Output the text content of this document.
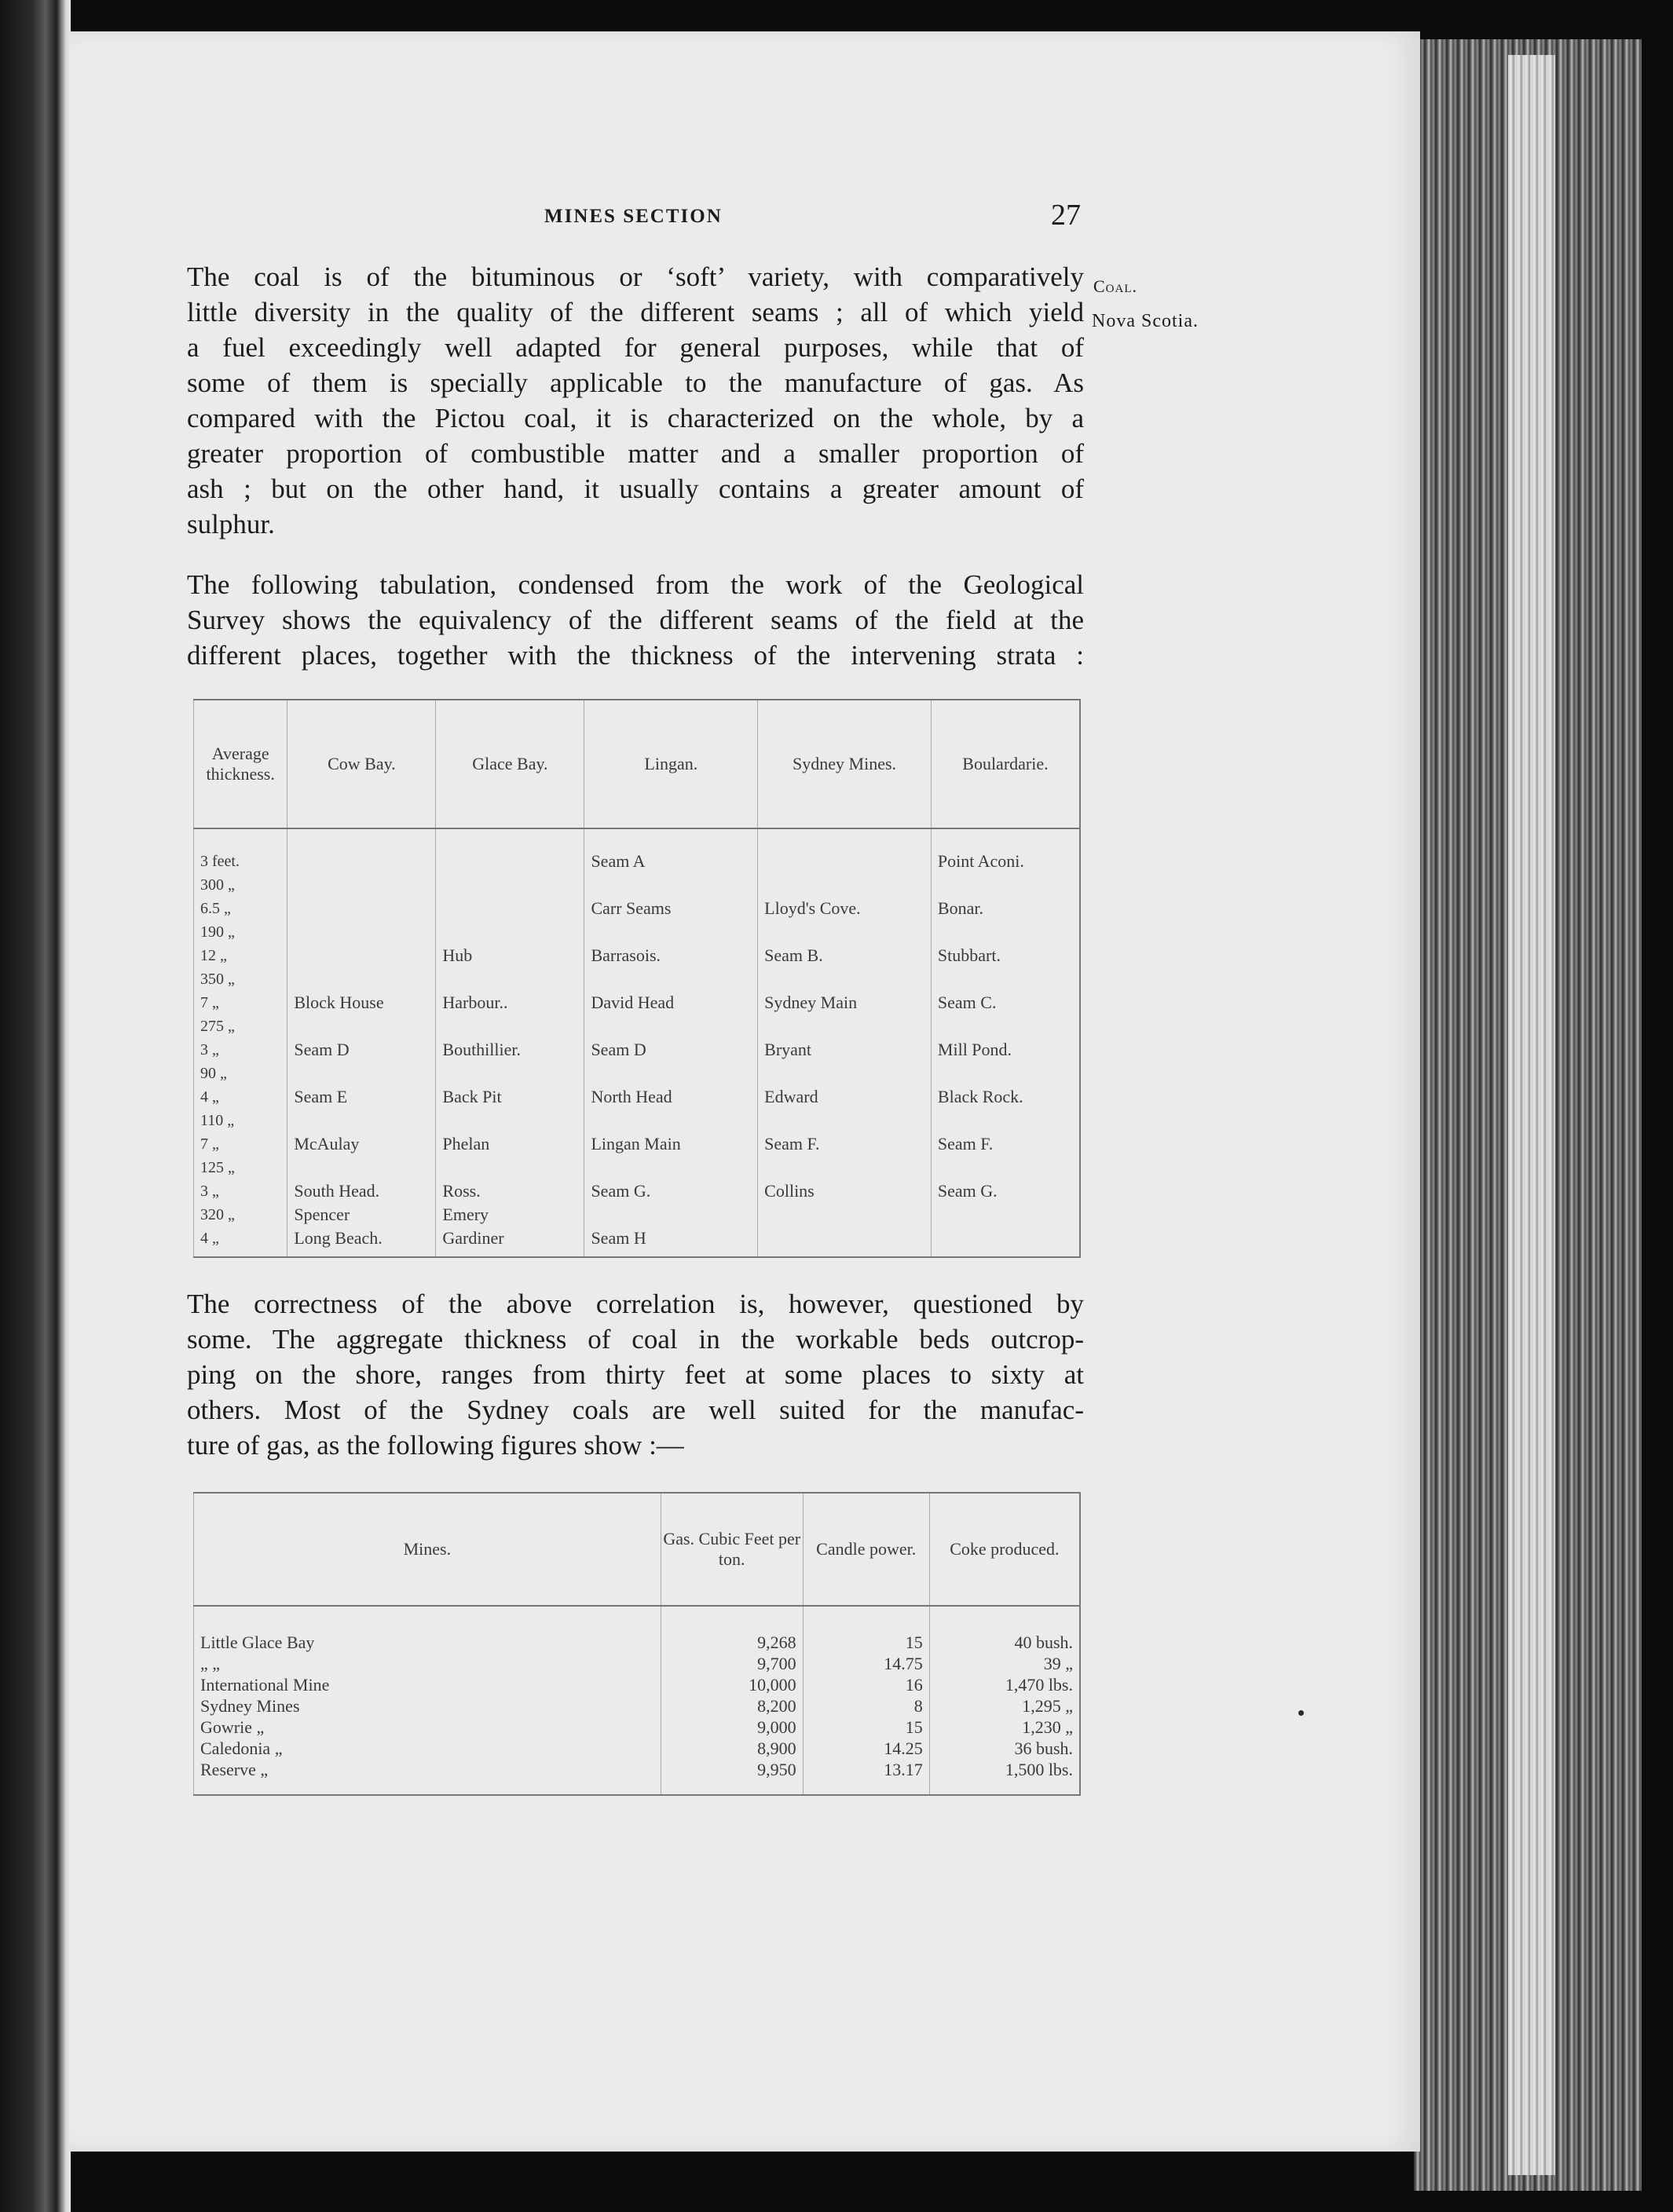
MINES SECTION	27
Coal.
Nova Scotia.
The coal is of the bituminous or ‘soft’ variety, with comparatively
little diversity in the quality of the different seams ; all of which yield
a fuel exceedingly well adapted for general purposes, while that of
some of them is specially applicable to the manufacture of gas. As
compared with the Pictou coal, it is characterized on the whole, by a
greater proportion of combustible matter and a smaller proportion of
ash ; but on the other hand, it usually contains a greater amount of
sulphur.
The following tabulation, condensed from the work of the Geological
Survey shows the equivalency of the different seams of the field at the
different places, together with the thickness of the intervening strata :
Average thickness.	Cow Bay.	Glace Bay.	Lingan.	Sydney Mines.	Boulardarie.
3 feet.			Seam A		Point Aconi.
300 „					
6.5 „			Carr Seams	Lloyd's Cove.	Bonar.
190 „					
12 „		Hub	Barrasois.	Seam B.	Stubbart.
350 „					
7 „	Block House	Harbour..	David Head	Sydney Main	Seam C.
275 „					
3 „	Seam D	Bouthillier.	Seam D	Bryant	Mill Pond.
90 „					
4 „	Seam E	Back Pit	North Head	Edward	Black Rock.
110 „					
7 „	McAulay	Phelan	Lingan Main	Seam F.	Seam F.
125 „					
3 „	South Head.	Ross.	Seam G.	Collins	Seam G.
320 „	Spencer	Emery			
4 „	Long Beach.	Gardiner	Seam H		
The correctness of the above correlation is, however, questioned by
some. The aggregate thickness of coal in the workable beds outcrop-
ping on the shore, ranges from thirty feet at some places to sixty at
others. Most of the Sydney coals are well suited for the manufac-
ture of gas, as the following figures show :—
Mines.	Gas. Cubic Feet per ton.	Candle power.	Coke produced.
Little Glace Bay	9,268	15	40 bush.
„ „	9,700	14.75	39 „
International Mine	10,000	16	1,470 lbs.
Sydney Mines	8,200	8	1,295 „
Gowrie „	9,000	15	1,230 „
Caledonia „	8,900	14.25	36 bush.
Reserve „	9,950	13.17	1,500 lbs.
